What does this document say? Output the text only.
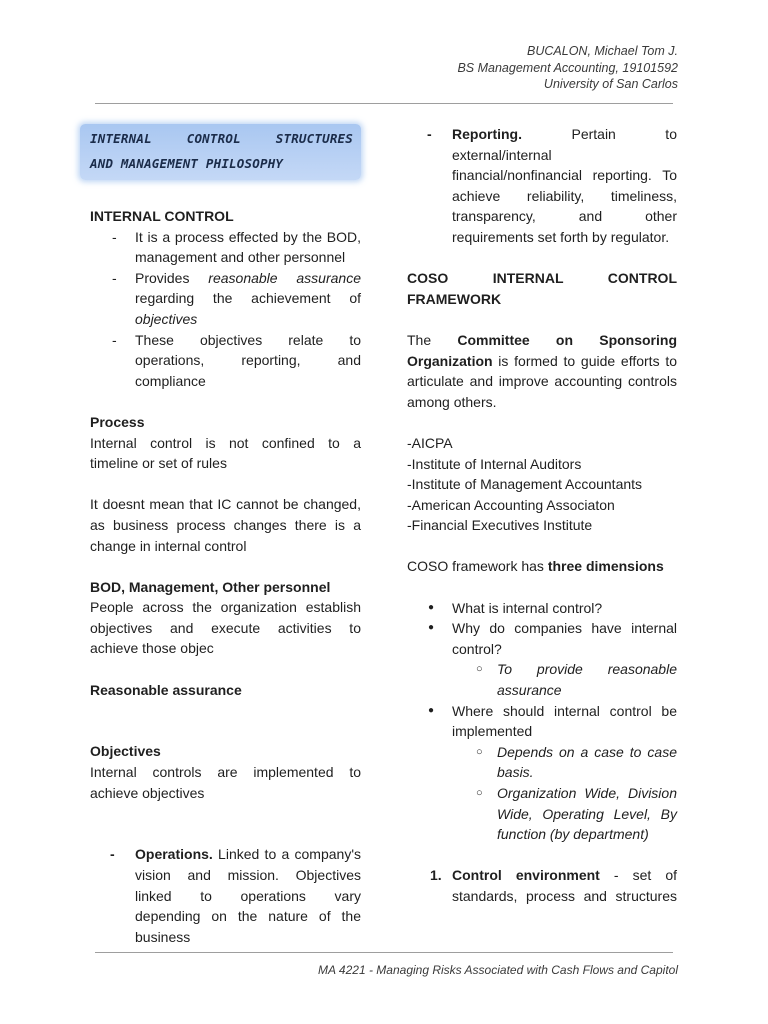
BUCALON, Michael Tom J.
BS Management Accounting, 19101592
University of San Carlos
INTERNAL CONTROL STRUCTURES
AND MANAGEMENT PHILOSOPHY
INTERNAL CONTROL
- It is a process effected by the BOD,
management and other personnel
- Provides reasonable assurance
regarding the achievement of
objectives
- These objectives relate to
operations, reporting, and
compliance
Process
Internal control is not confined to a
timeline or set of rules
It doesnt mean that IC cannot be changed,
as business process changes there is a
change in internal control
BOD, Management, Other personnel
People across the organization establish
objectives and execute activities to
achieve those objec
Reasonable assurance
Objectives
Internal controls are implemented to
achieve objectives
- Operations. Linked to a company's
vision and mission. Objectives
linked to operations vary
depending on the nature of the
business
- Reporting. Pertain to
external/internal
financial/nonfinancial reporting. To
achieve reliability, timeliness,
transparency, and other
requirements set forth by regulator.
COSO INTERNAL CONTROL
FRAMEWORK
The Committee on Sponsoring
Organization is formed to guide efforts to
articulate and improve accounting controls
among others.
-AICPA
-Institute of Internal Auditors
-Institute of Management Accountants
-American Accounting Associaton
-Financial Executives Institute
COSO framework has three dimensions
● What is internal control?
● Why do companies have internal
control?
○ To provide reasonable
assurance
● Where should internal control be
implemented
○ Depends on a case to case
basis.
○ Organization Wide, Division
Wide, Operating Level, By
function (by department)
1. Control environment - set of
standards, process and structures
MA 4221 - Managing Risks Associated with Cash Flows and Capitol
